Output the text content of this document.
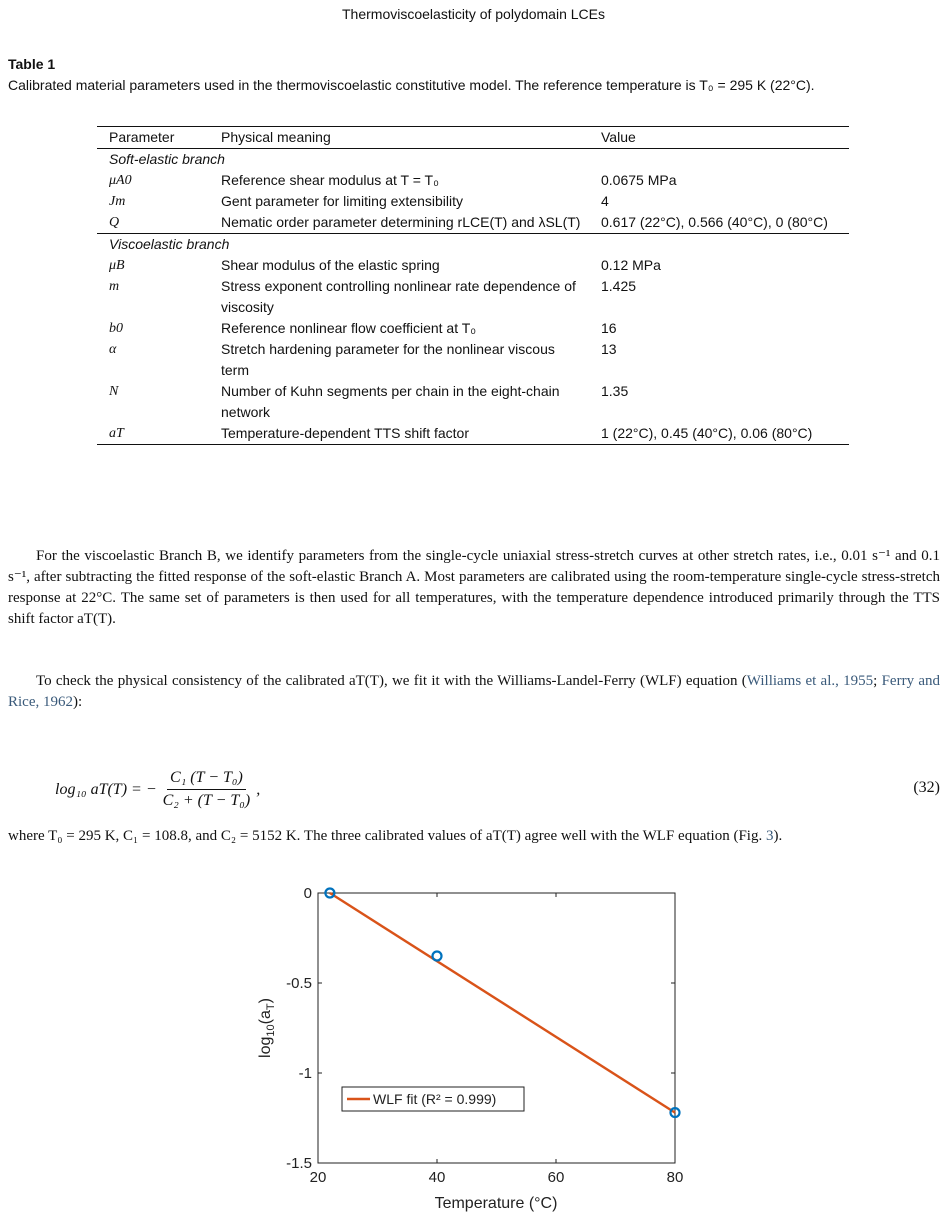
Thermoviscoelasticity of polydomain LCEs
Table 1
Calibrated material parameters used in the thermoviscoelastic constitutive model. The reference temperature is T₀ = 295 K (22°C).
Parameter	Physical meaning	Value
Soft-elastic branch		
μA0	Reference shear modulus at T = T₀	0.0675 MPa
Jm	Gent parameter for limiting extensibility	4
Q	Nematic order parameter determining rLCE(T) and λSL(T)	0.617 (22°C), 0.566 (40°C), 0 (80°C)
Viscoelastic branch		
μB	Shear modulus of the elastic spring	0.12 MPa
m	Stress exponent controlling nonlinear rate dependence of viscosity	1.425
b0	Reference nonlinear flow coefficient at T₀	16
α	Stretch hardening parameter for the nonlinear viscous term	13
N	Number of Kuhn segments per chain in the eight-chain network	1.35
aT	Temperature-dependent TTS shift factor	1 (22°C), 0.45 (40°C), 0.06 (80°C)

For the viscoelastic Branch B, we identify parameters from the single-cycle uniaxial stress-stretch curves at other stretch rates, i.e., 0.01 s⁻¹ and 0.1 s⁻¹, after subtracting the fitted response of the soft-elastic Branch A. Most parameters are calibrated using the room-temperature single-cycle stress-stretch response at 22°C. The same set of parameters is then used for all temperatures, with the temperature dependence introduced primarily through the TTS shift factor aT(T).

To check the physical consistency of the calibrated aT(T), we fit it with the Williams-Landel-Ferry (WLF) equation (Williams et al., 1955; Ferry and Rice, 1962):

log₁₀ aT(T) = − $\frac{\text{C₁ (T − T₀)}}{\text{C₂ + (T − T₀)}}$ ,	(32)

where T₀ = 295 K, C₁ = 108.8, and C₂ = 5152 K. The three calibrated values of aT(T) agree well with the WLF equation (Fig. 3).

20	40	60	80
0
-0.5
-1
-1.5
WLF fit (R² = 0.999)
Temperature (°C)
$\log_{10}(a_T)$
